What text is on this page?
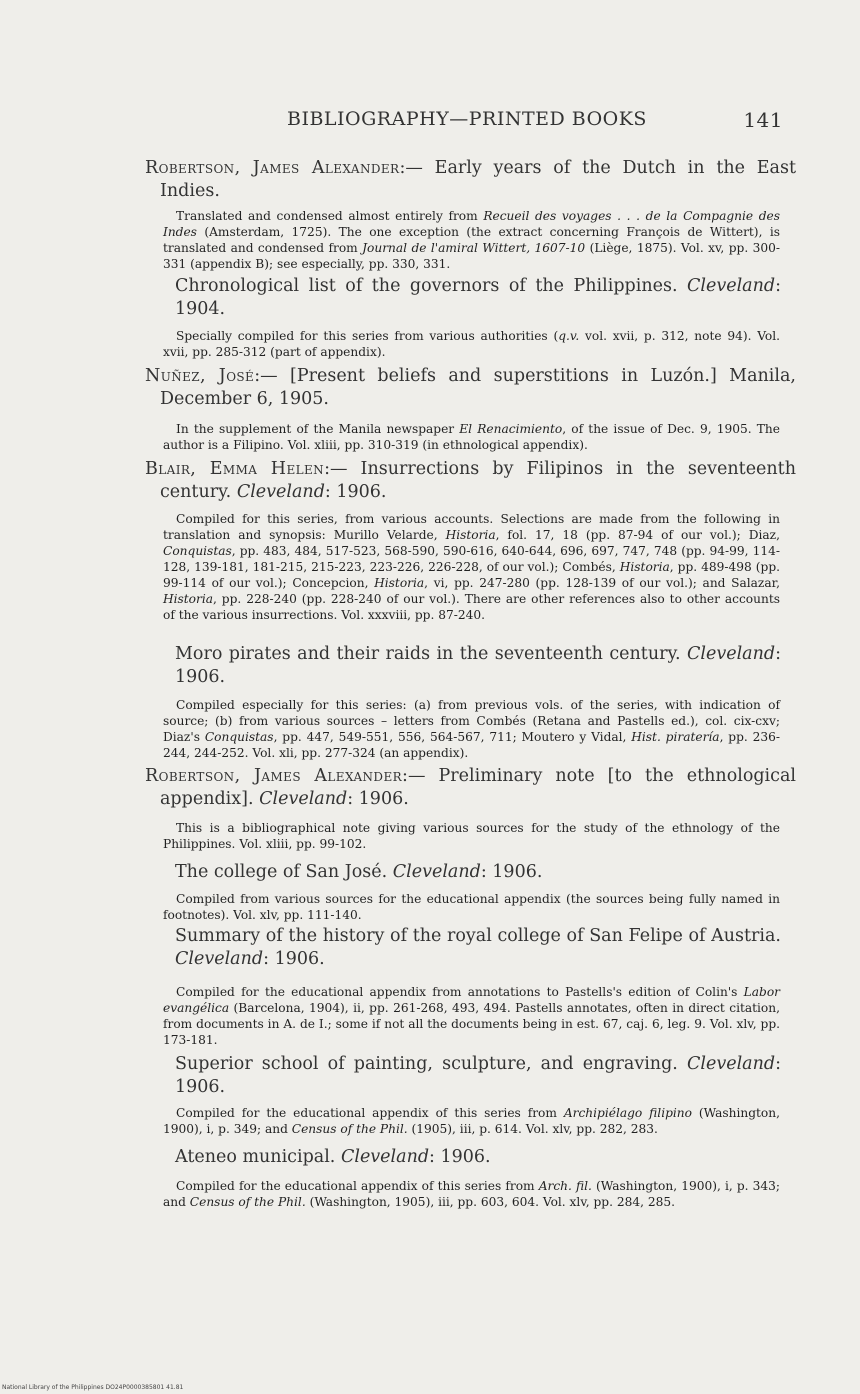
BIBLIOGRAPHY—PRINTED BOOKS	141
Robertson, James Alexander:— Early years of the Dutch in the East Indies.

Translated and condensed almost entirely from Recueil des voyages . . . de la Compagnie des Indes (Amsterdam, 1725). The one exception (the extract concerning François de Wittert), is translated and condensed from Journal de l'amiral Wittert, 1607-10 (Liège, 1875). Vol. xv, pp. 300-331 (appendix B); see especially, pp. 330, 331.

Chronological list of the governors of the Philippines. Cleveland: 1904.

Specially compiled for this series from various authorities (q.v. vol. xvii, p. 312, note 94). Vol. xvii, pp. 285-312 (part of appendix).

Nuñez, José:— [Present beliefs and superstitions in Luzón.] Manila, December 6, 1905.

In the supplement of the Manila newspaper El Renacimiento, of the issue of Dec. 9, 1905. The author is a Filipino. Vol. xliii, pp. 310-319 (in ethnological appendix).

Blair, Emma Helen:— Insurrections by Filipinos in the seventeenth century. Cleveland: 1906.

Compiled for this series, from various accounts. Selections are made from the following in translation and synopsis: Murillo Velarde, Historia, fol. 17, 18 (pp. 87-94 of our vol.); Diaz, Conquistas, pp. 483, 484, 517-523, 568-590, 590-616, 640-644, 696, 697, 747, 748 (pp. 94-99, 114-128, 139-181, 181-215, 215-223, 223-226, 226-228, of our vol.); Combés, Historia, pp. 489-498 (pp. 99-114 of our vol.); Concepcion, Historia, vi, pp. 247-280 (pp. 128-139 of our vol.); and Salazar, Historia, pp. 228-240 (pp. 228-240 of our vol.). There are other references also to other accounts of the various insurrections. Vol. xxxviii, pp. 87-240.

Moro pirates and their raids in the seventeenth century. Cleveland: 1906.

Compiled especially for this series: (a) from previous vols. of the series, with indication of source; (b) from various sources – letters from Combés (Retana and Pastells ed.), col. cix-cxv; Diaz's Conquistas, pp. 447, 549-551, 556, 564-567, 711; Moutero y Vidal, Hist. piratería, pp. 236-244, 244-252. Vol. xli, pp. 277-324 (an appendix).

Robertson, James Alexander:— Preliminary note [to the ethnological appendix]. Cleveland: 1906.

This is a bibliographical note giving various sources for the study of the ethnology of the Philippines. Vol. xliii, pp. 99-102.

The college of San José. Cleveland: 1906.

Compiled from various sources for the educational appendix (the sources being fully named in footnotes). Vol. xlv, pp. 111-140.

Summary of the history of the royal college of San Felipe of Austria. Cleveland: 1906.

Compiled for the educational appendix from annotations to Pastells's edition of Colin's Labor evangélica (Barcelona, 1904), ii, pp. 261-268, 493, 494. Pastells annotates, often in direct citation, from documents in A. de I.; some if not all the documents being in est. 67, caj. 6, leg. 9. Vol. xlv, pp. 173-181.

Superior school of painting, sculpture, and engraving. Cleveland: 1906.

Compiled for the educational appendix of this series from Archipiélago filipino (Washington, 1900), i, p. 349; and Census of the Phil. (1905), iii, p. 614. Vol. xlv, pp. 282, 283.

Ateneo municipal. Cleveland: 1906.

Compiled for the educational appendix of this series from Arch. fil. (Washington, 1900), i, p. 343; and Census of the Phil. (Washington, 1905), iii, pp. 603, 604. Vol. xlv, pp. 284, 285.

National Library of the Philippines DO24P0000385801 41.81
